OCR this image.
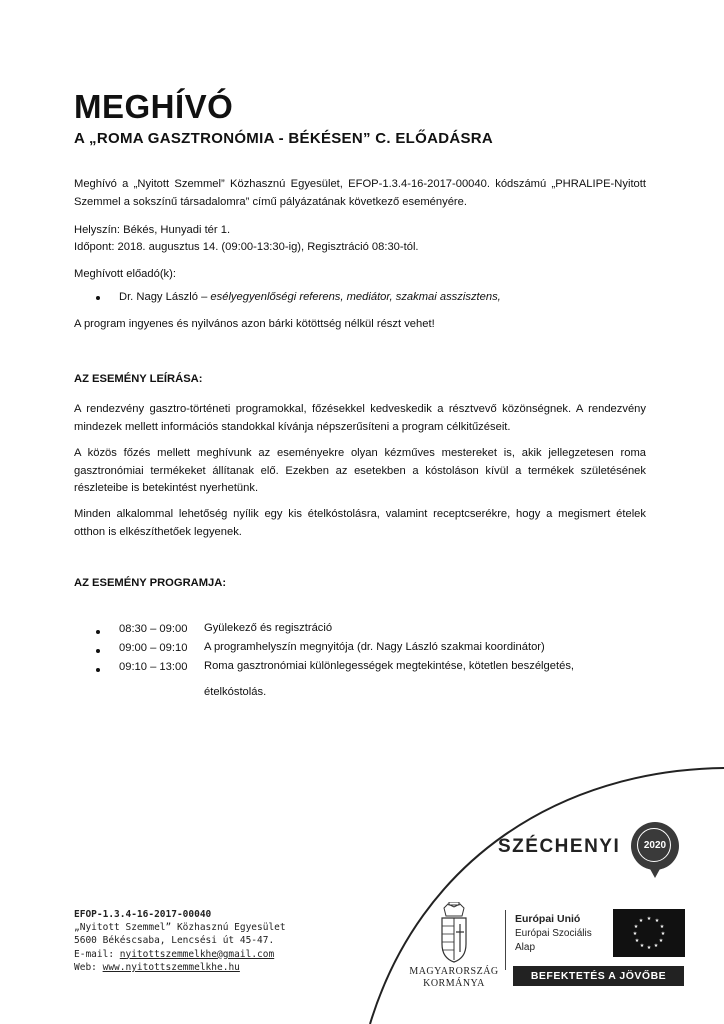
MEGHÍVÓ
A „ROMA GASZTRONÓMIA - BÉKÉSEN” C. ELŐADÁSRA
Meghívó a „Nyitott Szemmel” Közhasznú Egyesület, EFOP-1.3.4-16-2017-00040. kódszámú „PHRALIPE-Nyitott Szemmel a sokszínű társadalomra” című pályázatának következő eseményére.
Helyszín: Békés, Hunyadi tér 1.
Időpont: 2018. augusztus 14. (09:00-13:30-ig), Regisztráció 08:30-tól.
Meghívott előadó(k):
Dr. Nagy László – esélyegyenlőségi referens, mediátor, szakmai asszisztens,
A program ingyenes és nyilvános azon bárki kötöttség nélkül részt vehet!
AZ ESEMÉNY LEÍRÁSA:
A rendezvény gasztro-történeti programokkal, főzésekkel kedveskedik a résztvevő közönségnek. A rendezvény mindezek mellett információs standokkal kívánja népszerűsíteni a program célkitűzéseit.
A közös főzés mellett meghívunk az eseményekre olyan kézműves mestereket is, akik jellegzetesen roma gasztronómiai termékeket állítanak elő. Ezekben az esetekben a kóstoláson kívül a termékek születésének részleteibe is betekintést nyerhetünk.
Minden alkalommal lehetőség nyílik egy kis ételkóstolásra, valamint receptcserékre, hogy a megismert ételek otthon is elkészíthetőek legyenek.
AZ ESEMÉNY PROGRAMJA:
08:30 – 09:00 Gyülekező és regisztráció
09:00 – 09:10 A programhelyszín megnyitója (dr. Nagy László szakmai koordinátor)
09:10 – 13:00 Roma gasztronómiai különlegességek megtekintése, kötetlen beszélgetés,
ételkóstolás.
SZÉCHENYI	2020
EFOP-1.3.4-16-2017-00040
„Nyitott Szemmel” Közhasznú Egyesület
5600 Békéscsaba, Lencsési út 45-47.
E-mail: nyitottszemmelkhe@gmail.com
Web: www.nyitottszemmelkhe.hu	MAGYARORSZÁG
KORMÁNYA
Európai Unió
Európai Szociális
Alap
★ ★
★
★
★
★
★
★
★
★
★
★
BEFEKTETÉS A JÖVŐBE
